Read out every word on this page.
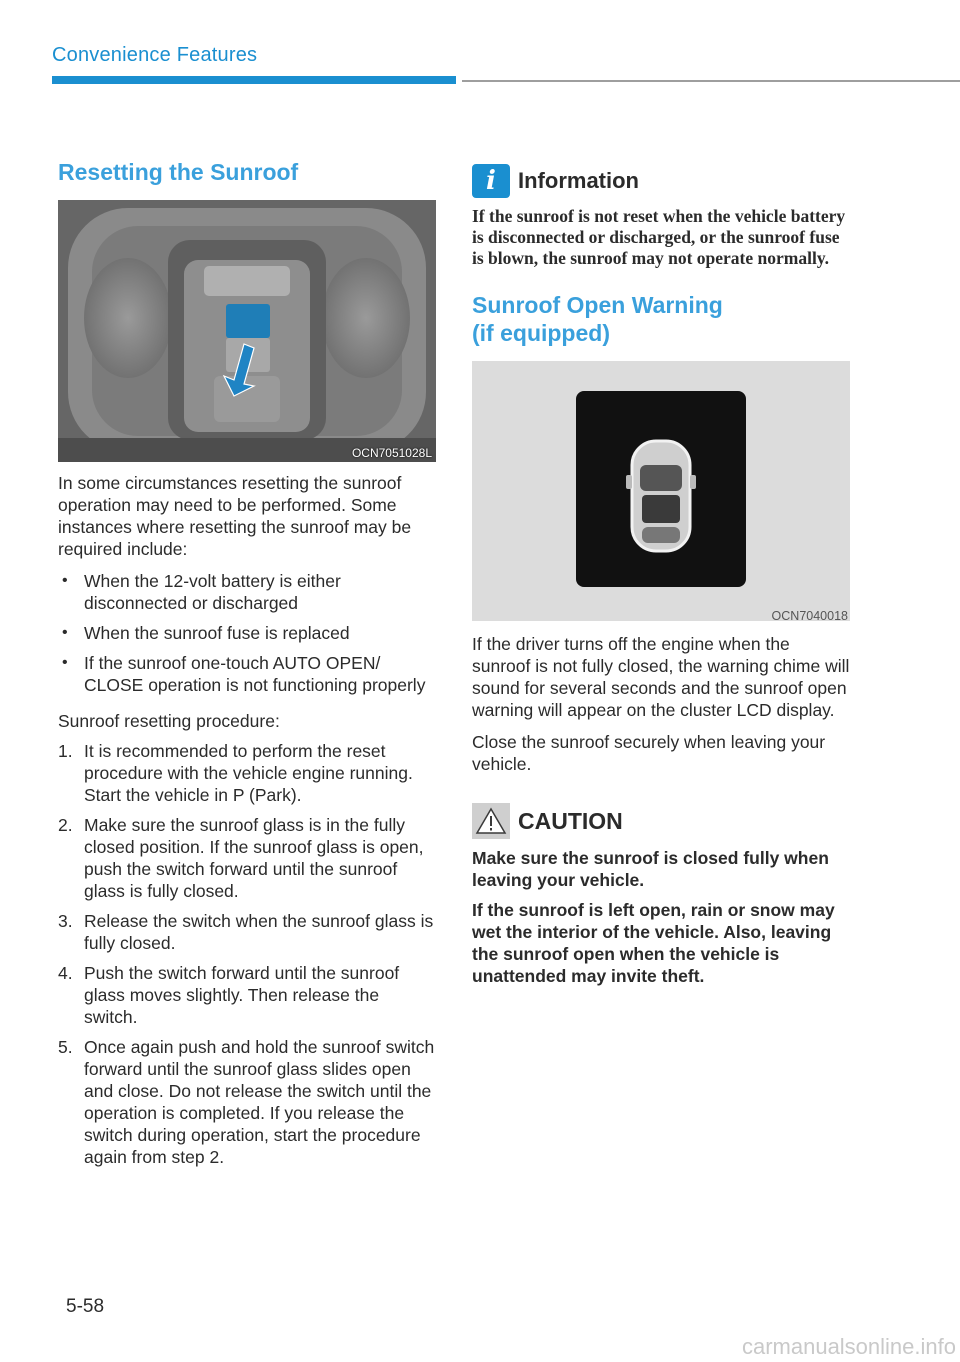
Convenience Features
Resetting the Sunroof
OCN7051028L

In some circumstances resetting the sunroof operation may need to be performed. Some instances where resetting the sunroof may be required include:

• When the 12-volt battery is either disconnected or discharged
• When the sunroof fuse is replaced
• If the sunroof one-touch AUTO OPEN/ CLOSE operation is not functioning properly

Sunroof resetting procedure:

1. It is recommended to perform the reset procedure with the vehicle engine running. Start the vehicle in P (Park).
2. Make sure the sunroof glass is in the fully closed position. If the sunroof glass is open, push the switch forward until the sunroof glass is fully closed.
3. Release the switch when the sunroof glass is fully closed.
4. Push the switch forward until the sunroof glass moves slightly. Then release the switch.
5. Once again push and hold the sunroof switch forward until the sunroof glass slides open and close. Do not release the switch until the operation is completed. If you release the switch during operation, start the procedure again from step 2.
i	Information
If the sunroof is not reset when the vehicle battery is disconnected or discharged, or the sunroof fuse is blown, the sunroof may not operate normally.
Sunroof Open Warning
(if equipped)
OCN7040018

If the driver turns off the engine when the sunroof is not fully closed, the warning chime will sound for several seconds and the sunroof open warning will appear on the cluster LCD display.

Close the sunroof securely when leaving your vehicle.

CAUTION

Make sure the sunroof is closed fully when leaving your vehicle.

If the sunroof is left open, rain or snow may wet the interior of the vehicle. Also, leaving the sunroof open when the vehicle is unattended may invite theft.

5-58
carmanualsonline.info
